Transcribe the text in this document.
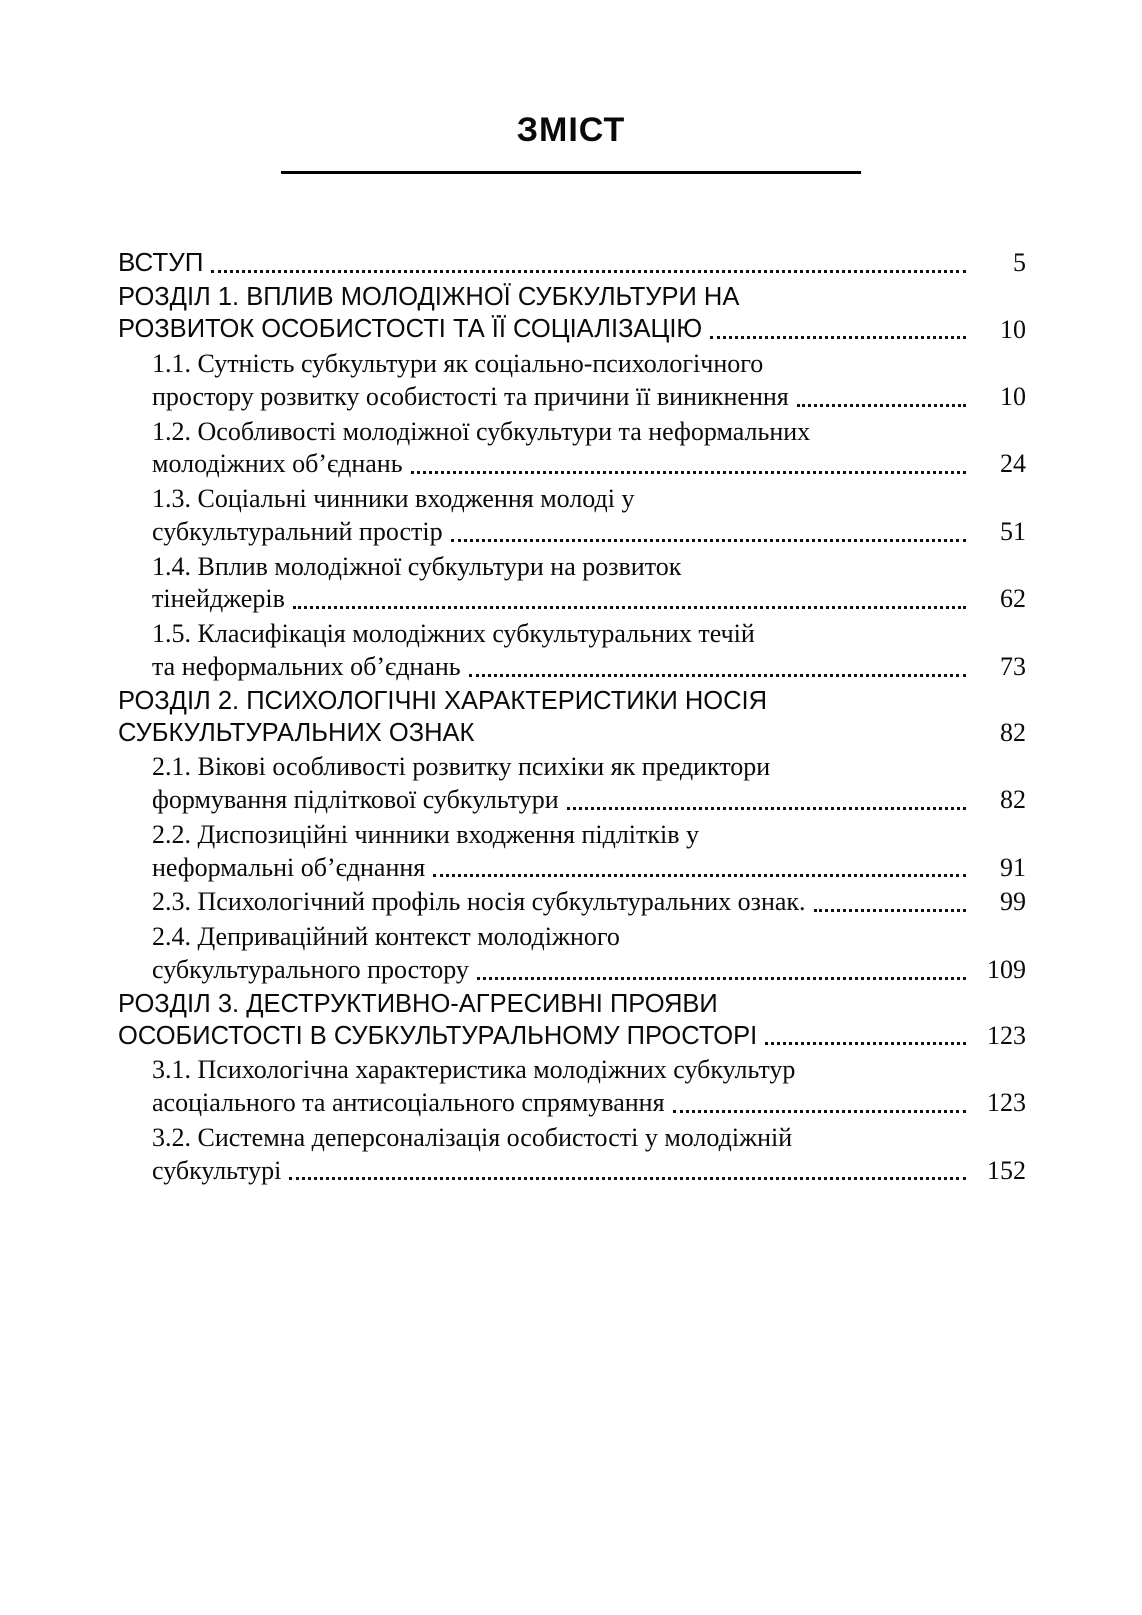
ЗМІСТ
ВСТУП	5
РОЗДІЛ 1. ВПЛИВ МОЛОДІЖНОЇ СУБКУЛЬТУРИ НА
РОЗВИТОК ОСОБИСТОСТІ ТА ЇЇ СОЦІАЛІЗАЦІЮ	10
1.1. Сутність субкультури як соціально-психологічного
простору розвитку особистості та причини її виникнення	10
1.2. Особливості молодіжної субкультури та неформальних
молодіжних об’єднань	24
1.3. Соціальні чинники входження молоді у
субкультуральний простір	51
1.4. Вплив молодіжної субкультури на розвиток
тінейджерів	62
1.5. Класифікація молодіжних субкультуральних течій
та неформальних об’єднань	73
РОЗДІЛ 2. ПСИХОЛОГІЧНІ ХАРАКТЕРИСТИКИ НОСІЯ
СУБКУЛЬТУРАЛЬНИХ ОЗНАК	82
2.1. Вікові особливості розвитку психіки як предиктори
формування підліткової субкультури	82
2.2. Диспозиційні чинники входження підлітків у
неформальні об’єднання	91
2.3. Психологічний профіль носія субкультуральних ознак.	99
2.4. Деприваційний контекст молодіжного
субкультурального простору	109
РОЗДІЛ 3. ДЕСТРУКТИВНО-АГРЕСИВНІ ПРОЯВИ
ОСОБИСТОСТІ В СУБКУЛЬТУРАЛЬНОМУ ПРОСТОРІ	123
3.1. Психологічна характеристика молодіжних субкультур
асоціального та антисоціального спрямування	123
3.2. Системна деперсоналізація особистості у молодіжній
субкультурі	152
